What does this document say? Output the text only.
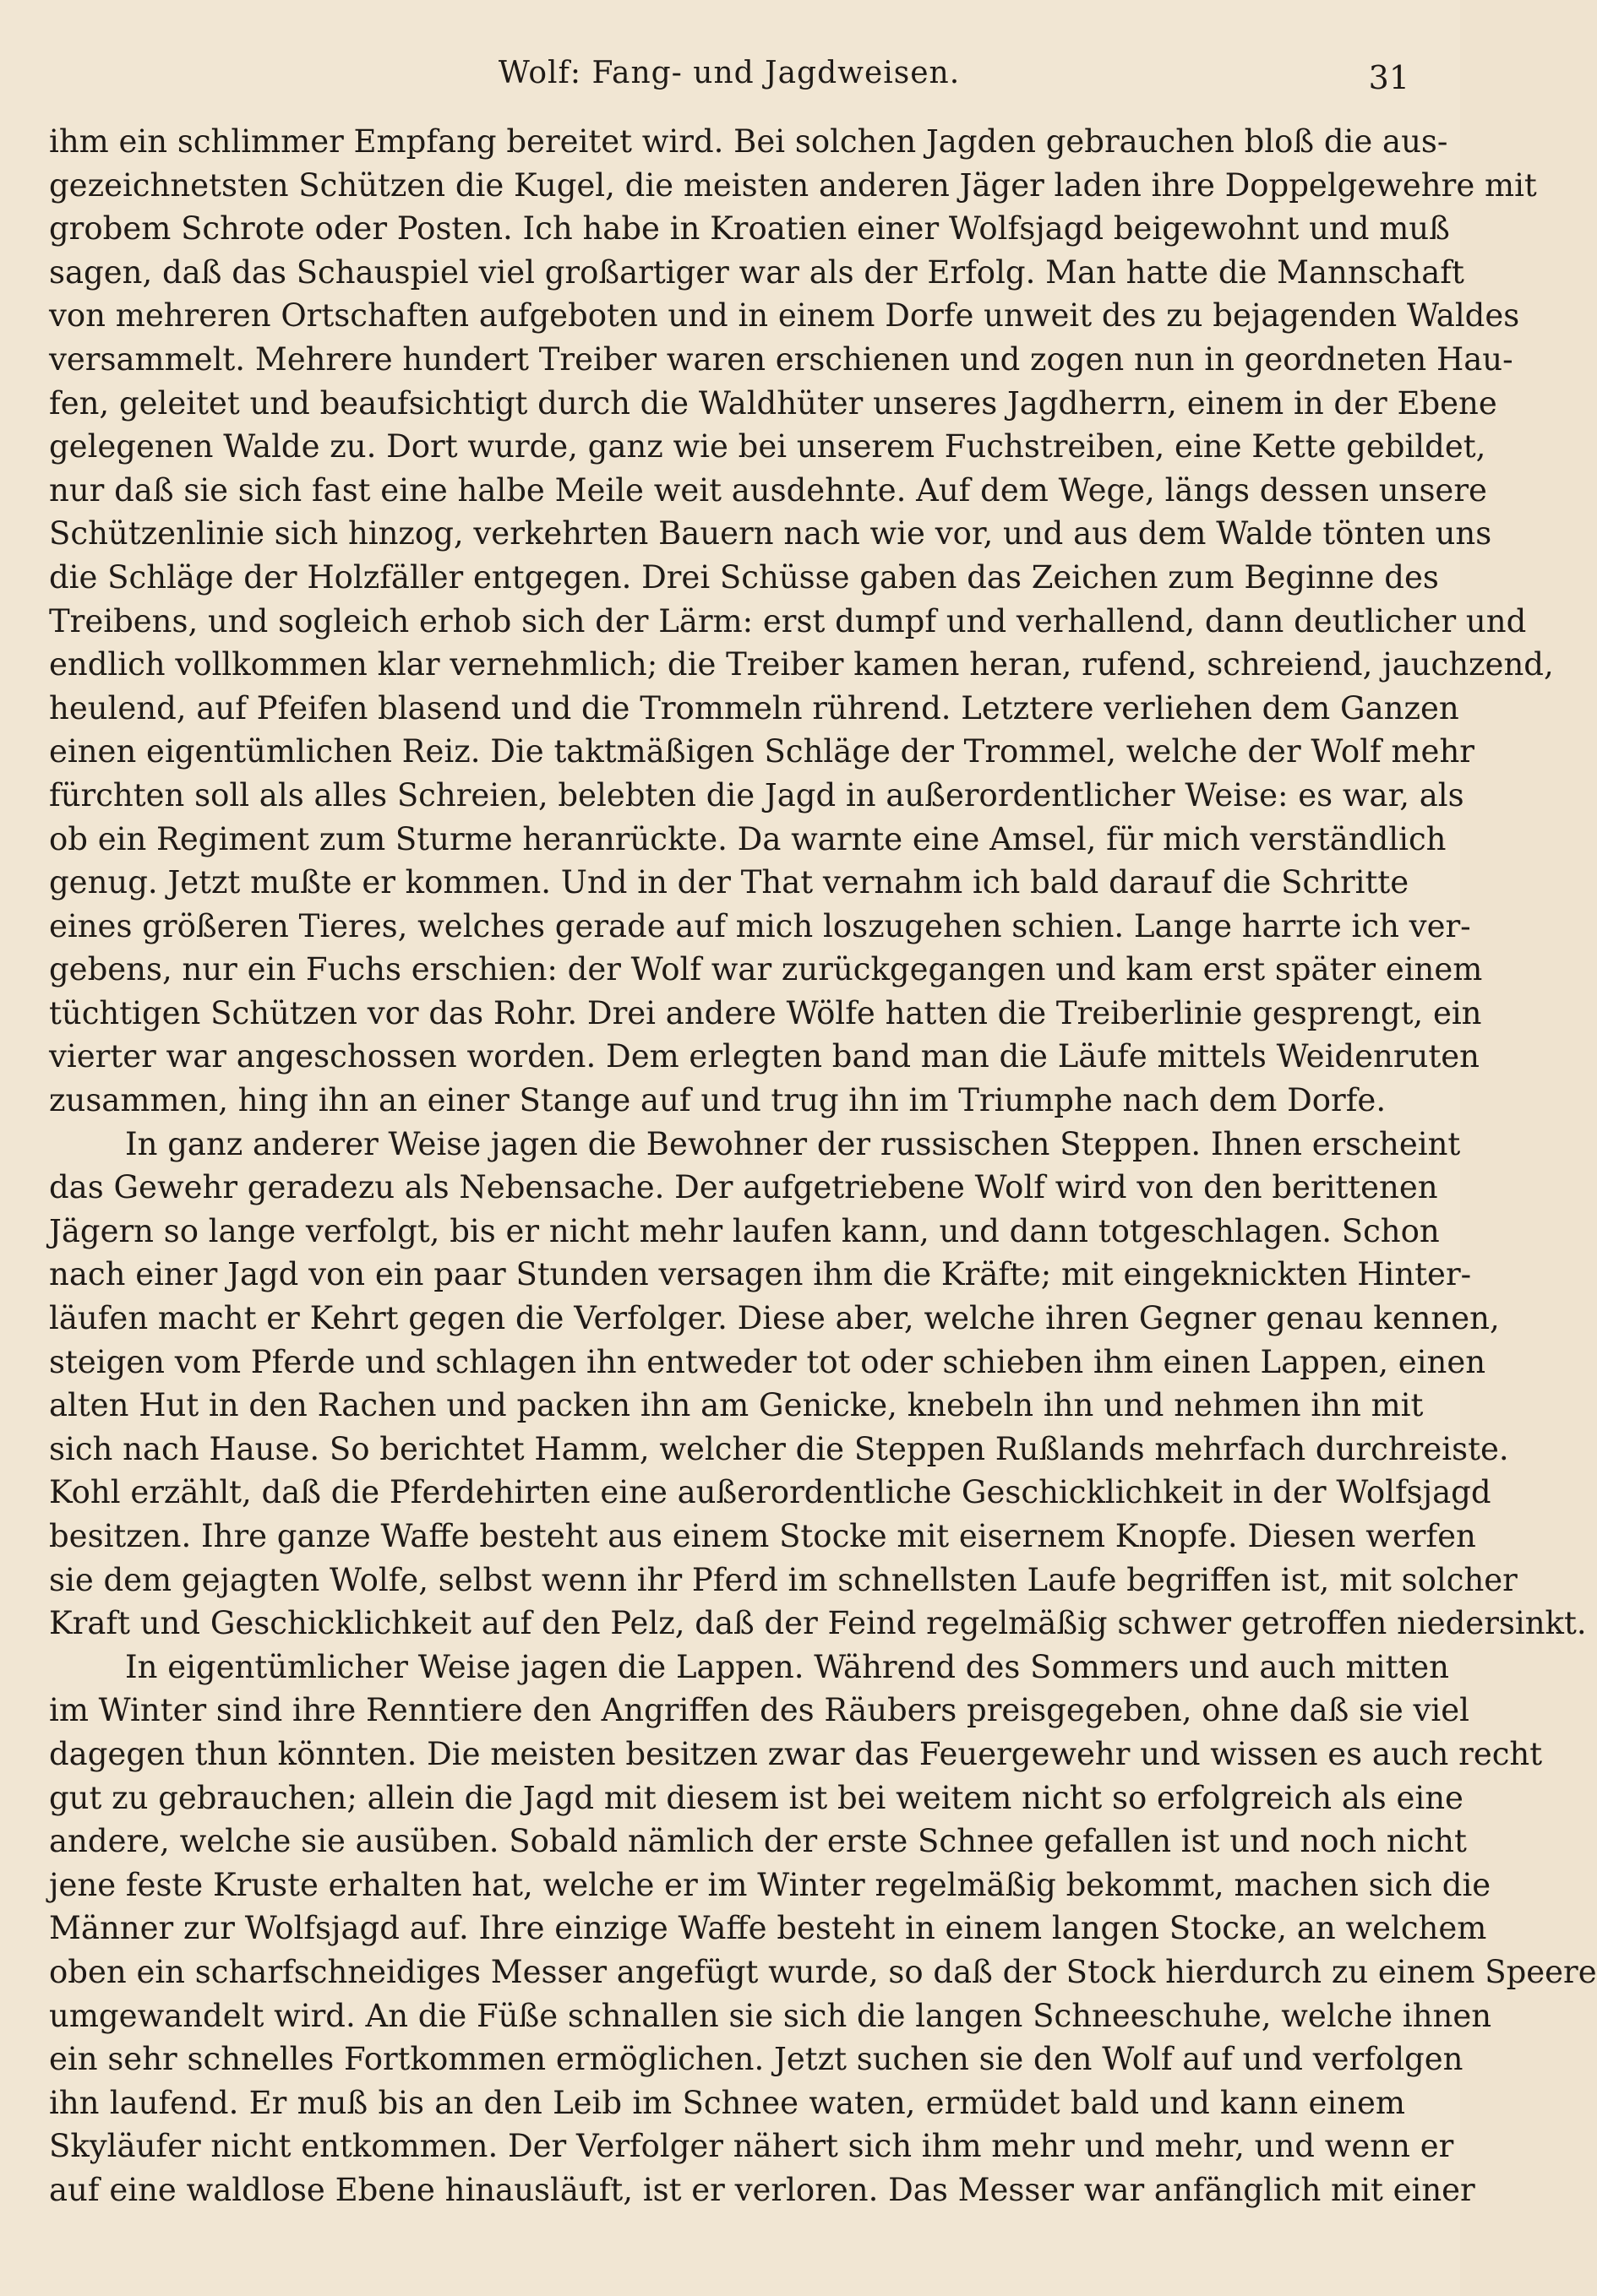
Wolf: Fang- und Jagdweisen.	31
ihm ein schlimmer Empfang bereitet wird. Bei solchen Jagden gebrauchen bloß die aus-
gezeichnetsten Schützen die Kugel, die meisten anderen Jäger laden ihre Doppelgewehre mit
grobem Schrote oder Posten. Ich habe in Kroatien einer Wolfsjagd beigewohnt und muß
sagen, daß das Schauspiel viel großartiger war als der Erfolg. Man hatte die Mannschaft
von mehreren Ortschaften aufgeboten und in einem Dorfe unweit des zu bejagenden Waldes
versammelt. Mehrere hundert Treiber waren erschienen und zogen nun in geordneten Hau-
fen, geleitet und beaufsichtigt durch die Waldhüter unseres Jagdherrn, einem in der Ebene
gelegenen Walde zu. Dort wurde, ganz wie bei unserem Fuchstreiben, eine Kette gebildet,
nur daß sie sich fast eine halbe Meile weit ausdehnte. Auf dem Wege, längs dessen unsere
Schützenlinie sich hinzog, verkehrten Bauern nach wie vor, und aus dem Walde tönten uns
die Schläge der Holzfäller entgegen. Drei Schüsse gaben das Zeichen zum Beginne des
Treibens, und sogleich erhob sich der Lärm: erst dumpf und verhallend, dann deutlicher und
endlich vollkommen klar vernehmlich; die Treiber kamen heran, rufend, schreiend, jauchzend,
heulend, auf Pfeifen blasend und die Trommeln rührend. Letztere verliehen dem Ganzen
einen eigentümlichen Reiz. Die taktmäßigen Schläge der Trommel, welche der Wolf mehr
fürchten soll als alles Schreien, belebten die Jagd in außerordentlicher Weise: es war, als
ob ein Regiment zum Sturme heranrückte. Da warnte eine Amsel, für mich verständlich
genug. Jetzt mußte er kommen. Und in der That vernahm ich bald darauf die Schritte
eines größeren Tieres, welches gerade auf mich loszugehen schien. Lange harrte ich ver-
gebens, nur ein Fuchs erschien: der Wolf war zurückgegangen und kam erst später einem
tüchtigen Schützen vor das Rohr. Drei andere Wölfe hatten die Treiberlinie gesprengt, ein
vierter war angeschossen worden. Dem erlegten band man die Läufe mittels Weidenruten
zusammen, hing ihn an einer Stange auf und trug ihn im Triumphe nach dem Dorfe.
In ganz anderer Weise jagen die Bewohner der russischen Steppen. Ihnen erscheint
das Gewehr geradezu als Nebensache. Der aufgetriebene Wolf wird von den berittenen
Jägern so lange verfolgt, bis er nicht mehr laufen kann, und dann totgeschlagen. Schon
nach einer Jagd von ein paar Stunden versagen ihm die Kräfte; mit eingeknickten Hinter-
läufen macht er Kehrt gegen die Verfolger. Diese aber, welche ihren Gegner genau kennen,
steigen vom Pferde und schlagen ihn entweder tot oder schieben ihm einen Lappen, einen
alten Hut in den Rachen und packen ihn am Genicke, knebeln ihn und nehmen ihn mit
sich nach Hause. So berichtet Hamm, welcher die Steppen Rußlands mehrfach durchreiste.
Kohl erzählt, daß die Pferdehirten eine außerordentliche Geschicklichkeit in der Wolfsjagd
besitzen. Ihre ganze Waffe besteht aus einem Stocke mit eisernem Knopfe. Diesen werfen
sie dem gejagten Wolfe, selbst wenn ihr Pferd im schnellsten Laufe begriffen ist, mit solcher
Kraft und Geschicklichkeit auf den Pelz, daß der Feind regelmäßig schwer getroffen niedersinkt.
In eigentümlicher Weise jagen die Lappen. Während des Sommers und auch mitten
im Winter sind ihre Renntiere den Angriffen des Räubers preisgegeben, ohne daß sie viel
dagegen thun könnten. Die meisten besitzen zwar das Feuergewehr und wissen es auch recht
gut zu gebrauchen; allein die Jagd mit diesem ist bei weitem nicht so erfolgreich als eine
andere, welche sie ausüben. Sobald nämlich der erste Schnee gefallen ist und noch nicht
jene feste Kruste erhalten hat, welche er im Winter regelmäßig bekommt, machen sich die
Männer zur Wolfsjagd auf. Ihre einzige Waffe besteht in einem langen Stocke, an welchem
oben ein scharfschneidiges Messer angefügt wurde, so daß der Stock hierdurch zu einem Speere
umgewandelt wird. An die Füße schnallen sie sich die langen Schneeschuhe, welche ihnen
ein sehr schnelles Fortkommen ermöglichen. Jetzt suchen sie den Wolf auf und verfolgen
ihn laufend. Er muß bis an den Leib im Schnee waten, ermüdet bald und kann einem
Skyläufer nicht entkommen. Der Verfolger nähert sich ihm mehr und mehr, und wenn er
auf eine waldlose Ebene hinausläuft, ist er verloren. Das Messer war anfänglich mit einer
